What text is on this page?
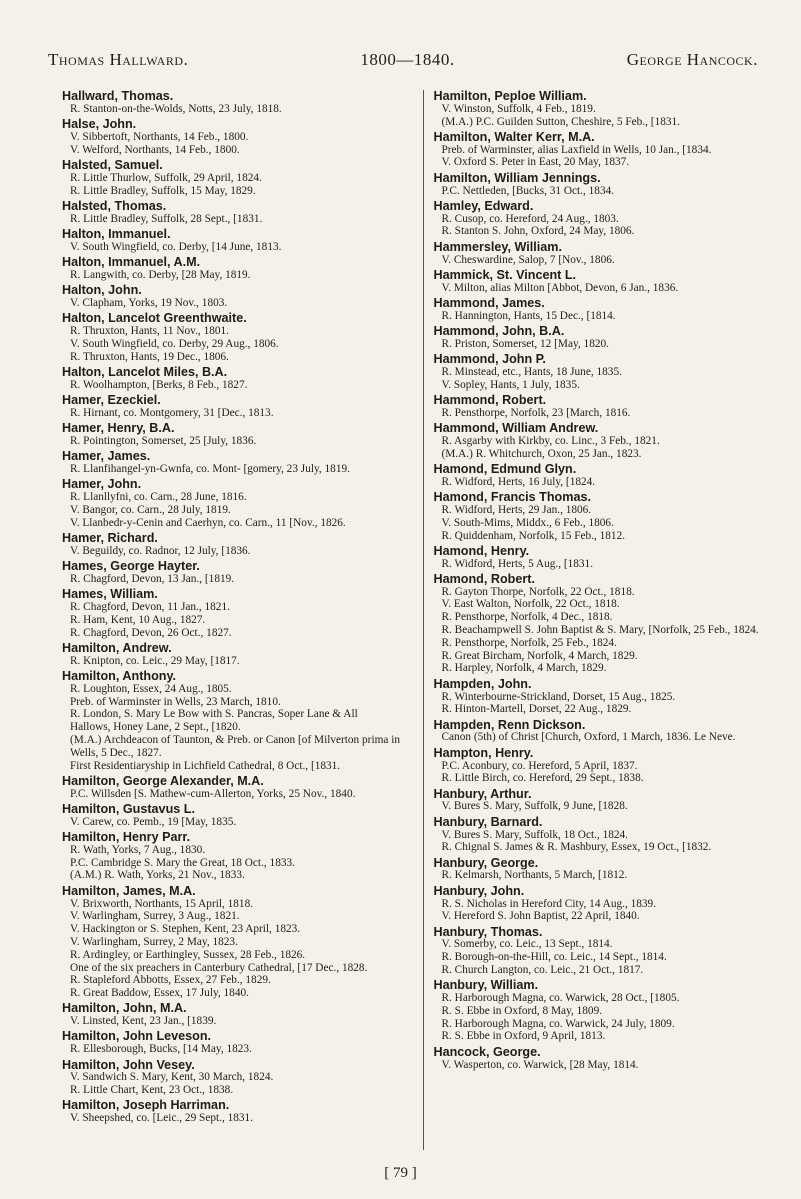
Thomas Hallward.	1800—1840.	George Hancock.
Hallward, Thomas.
R. Stanton-on-the-Wolds, Notts, 23 July, 1818.
Halse, John.
V. Sibbertoft, Northants, 14 Feb., 1800.
V. Welford, Northants, 14 Feb., 1800.
Halsted, Samuel.
R. Little Thurlow, Suffolk, 29 April, 1824.
R. Little Bradley, Suffolk, 15 May, 1829.
Halsted, Thomas.
R. Little Bradley, Suffolk, 28 Sept., [1831.
Halton, Immanuel.
V. South Wingfield, co. Derby, [14 June, 1813.
Halton, Immanuel, A.M.
R. Langwith, co. Derby, [28 May, 1819.
Halton, John.
V. Clapham, Yorks, 19 Nov., 1803.
Halton, Lancelot Greenthwaite.
R. Thruxton, Hants, 11 Nov., 1801.
V. South Wingfield, co. Derby, 29 Aug., 1806.
R. Thruxton, Hants, 19 Dec., 1806.
Halton, Lancelot Miles, B.A.
R. Woolhampton, [Berks, 8 Feb., 1827.
Hamer, Ezeckiel.
R. Hirnant, co. Montgomery, 31 [Dec., 1813.
Hamer, Henry, B.A.
R. Pointington, Somerset, 25 [July, 1836.
Hamer, James.
R. Llanfihangel-yn-Gwnfa, co. Mont- [gomery, 23 July, 1819.
Hamer, John.
R. Llanllyfni, co. Carn., 28 June, 1816.
V. Bangor, co. Carn., 28 July, 1819.
V. Llanbedr-y-Cenin and Caerhyn, co. Carn., 11 [Nov., 1826.
Hamer, Richard.
V. Beguildy, co. Radnor, 12 July, [1836.
Hames, George Hayter.
R. Chagford, Devon, 13 Jan., [1819.
Hames, William.
R. Chagford, Devon, 11 Jan., 1821.
R. Ham, Kent, 10 Aug., 1827.
R. Chagford, Devon, 26 Oct., 1827.
Hamilton, Andrew.
R. Knipton, co. Leic., 29 May, [1817.
Hamilton, Anthony.
R. Loughton, Essex, 24 Aug., 1805.
Preb. of Warminster in Wells, 23 March, 1810.
R. London, S. Mary Le Bow with S. Pancras, Soper Lane & All Hallows, Honey Lane, 2 Sept., [1820.
(M.A.) Archdeacon of Taunton, & Preb. or Canon [of Milverton prima in Wells, 5 Dec., 1827.
First Residentiaryship in Lichfield Cathedral, 8 Oct., [1831.
Hamilton, George Alexander, M.A.
P.C. Willsden [S. Mathew-cum-Allerton, Yorks, 25 Nov., 1840.
Hamilton, Gustavus L.
V. Carew, co. Pemb., 19 [May, 1835.
Hamilton, Henry Parr.
R. Wath, Yorks, 7 Aug., 1830.
P.C. Cambridge S. Mary the Great, 18 Oct., 1833.
(A.M.) R. Wath, Yorks, 21 Nov., 1833.
Hamilton, James, M.A.
V. Brixworth, Northants, 15 April, 1818.
V. Warlingham, Surrey, 3 Aug., 1821.
V. Hackington or S. Stephen, Kent, 23 April, 1823.
V. Warlingham, Surrey, 2 May, 1823.
R. Ardingley, or Earthingley, Sussex, 28 Feb., 1826.
One of the six preachers in Canterbury Cathedral, [17 Dec., 1828.
R. Stapleford Abbotts, Essex, 27 Feb., 1829.
R. Great Baddow, Essex, 17 July, 1840.
Hamilton, John, M.A.
V. Linsted, Kent, 23 Jan., [1839.
Hamilton, John Leveson.
R. Ellesborough, Bucks, [14 May, 1823.
Hamilton, John Vesey.
V. Sandwich S. Mary, Kent, 30 March, 1824.
R. Little Chart, Kent, 23 Oct., 1838.
Hamilton, Joseph Harriman.
V. Sheepshed, co. [Leic., 29 Sept., 1831.
Hamilton, Peploe William.
V. Winston, Suffolk, 4 Feb., 1819.
(M.A.) P.C. Guilden Sutton, Cheshire, 5 Feb., [1831.
Hamilton, Walter Kerr, M.A.
Preb. of Warminster, alias Laxfield in Wells, 10 Jan., [1834.
V. Oxford S. Peter in East, 20 May, 1837.
Hamilton, William Jennings.
P.C. Nettleden, [Bucks, 31 Oct., 1834.
Hamley, Edward.
R. Cusop, co. Hereford, 24 Aug., 1803.
R. Stanton S. John, Oxford, 24 May, 1806.
Hammersley, William.
V. Cheswardine, Salop, 7 [Nov., 1806.
Hammick, St. Vincent L.
V. Milton, alias Milton [Abbot, Devon, 6 Jan., 1836.
Hammond, James.
R. Hannington, Hants, 15 Dec., [1814.
Hammond, John, B.A.
R. Priston, Somerset, 12 [May, 1820.
Hammond, John P.
R. Minstead, etc., Hants, 18 June, 1835.
V. Sopley, Hants, 1 July, 1835.
Hammond, Robert.
R. Pensthorpe, Norfolk, 23 [March, 1816.
Hammond, William Andrew.
R. Asgarby with Kirkby, co. Linc., 3 Feb., 1821.
(M.A.) R. Whitchurch, Oxon, 25 Jan., 1823.
Hamond, Edmund Glyn.
R. Widford, Herts, 16 July, [1824.
Hamond, Francis Thomas.
R. Widford, Herts, 29 Jan., 1806.
V. South-Mims, Middx., 6 Feb., 1806.
R. Quiddenham, Norfolk, 15 Feb., 1812.
Hamond, Henry.
R. Widford, Herts, 5 Aug., [1831.
Hamond, Robert.
R. Gayton Thorpe, Norfolk, 22 Oct., 1818.
V. East Walton, Norfolk, 22 Oct., 1818.
R. Pensthorpe, Norfolk, 4 Dec., 1818.
R. Beachampwell S. John Baptist & S. Mary, [Norfolk, 25 Feb., 1824.
R. Pensthorpe, Norfolk, 25 Feb., 1824.
R. Great Bircham, Norfolk, 4 March, 1829.
R. Harpley, Norfolk, 4 March, 1829.
Hampden, John.
R. Winterbourne-Strickland, Dorset, 15 Aug., 1825.
R. Hinton-Martell, Dorset, 22 Aug., 1829.
Hampden, Renn Dickson.
Canon (5th) of Christ [Church, Oxford, 1 March, 1836. Le Neve.
Hampton, Henry.
P.C. Aconbury, co. Hereford, 5 April, 1837.
R. Little Birch, co. Hereford, 29 Sept., 1838.
Hanbury, Arthur.
V. Bures S. Mary, Suffolk, 9 June, [1828.
Hanbury, Barnard.
V. Bures S. Mary, Suffolk, 18 Oct., 1824.
R. Chignal S. James & R. Mashbury, Essex, 19 Oct., [1832.
Hanbury, George.
R. Kelmarsh, Northants, 5 March, [1812.
Hanbury, John.
R. S. Nicholas in Hereford City, 14 Aug., 1839.
V. Hereford S. John Baptist, 22 April, 1840.
Hanbury, Thomas.
V. Somerby, co. Leic., 13 Sept., 1814.
R. Borough-on-the-Hill, co. Leic., 14 Sept., 1814.
R. Church Langton, co. Leic., 21 Oct., 1817.
Hanbury, William.
R. Harborough Magna, co. Warwick, 28 Oct., [1805.
R. S. Ebbe in Oxford, 8 May, 1809.
R. Harborough Magna, co. Warwick, 24 July, 1809.
R. S. Ebbe in Oxford, 9 April, 1813.
Hancock, George.
V. Wasperton, co. Warwick, [28 May, 1814.
[ 79 ]
